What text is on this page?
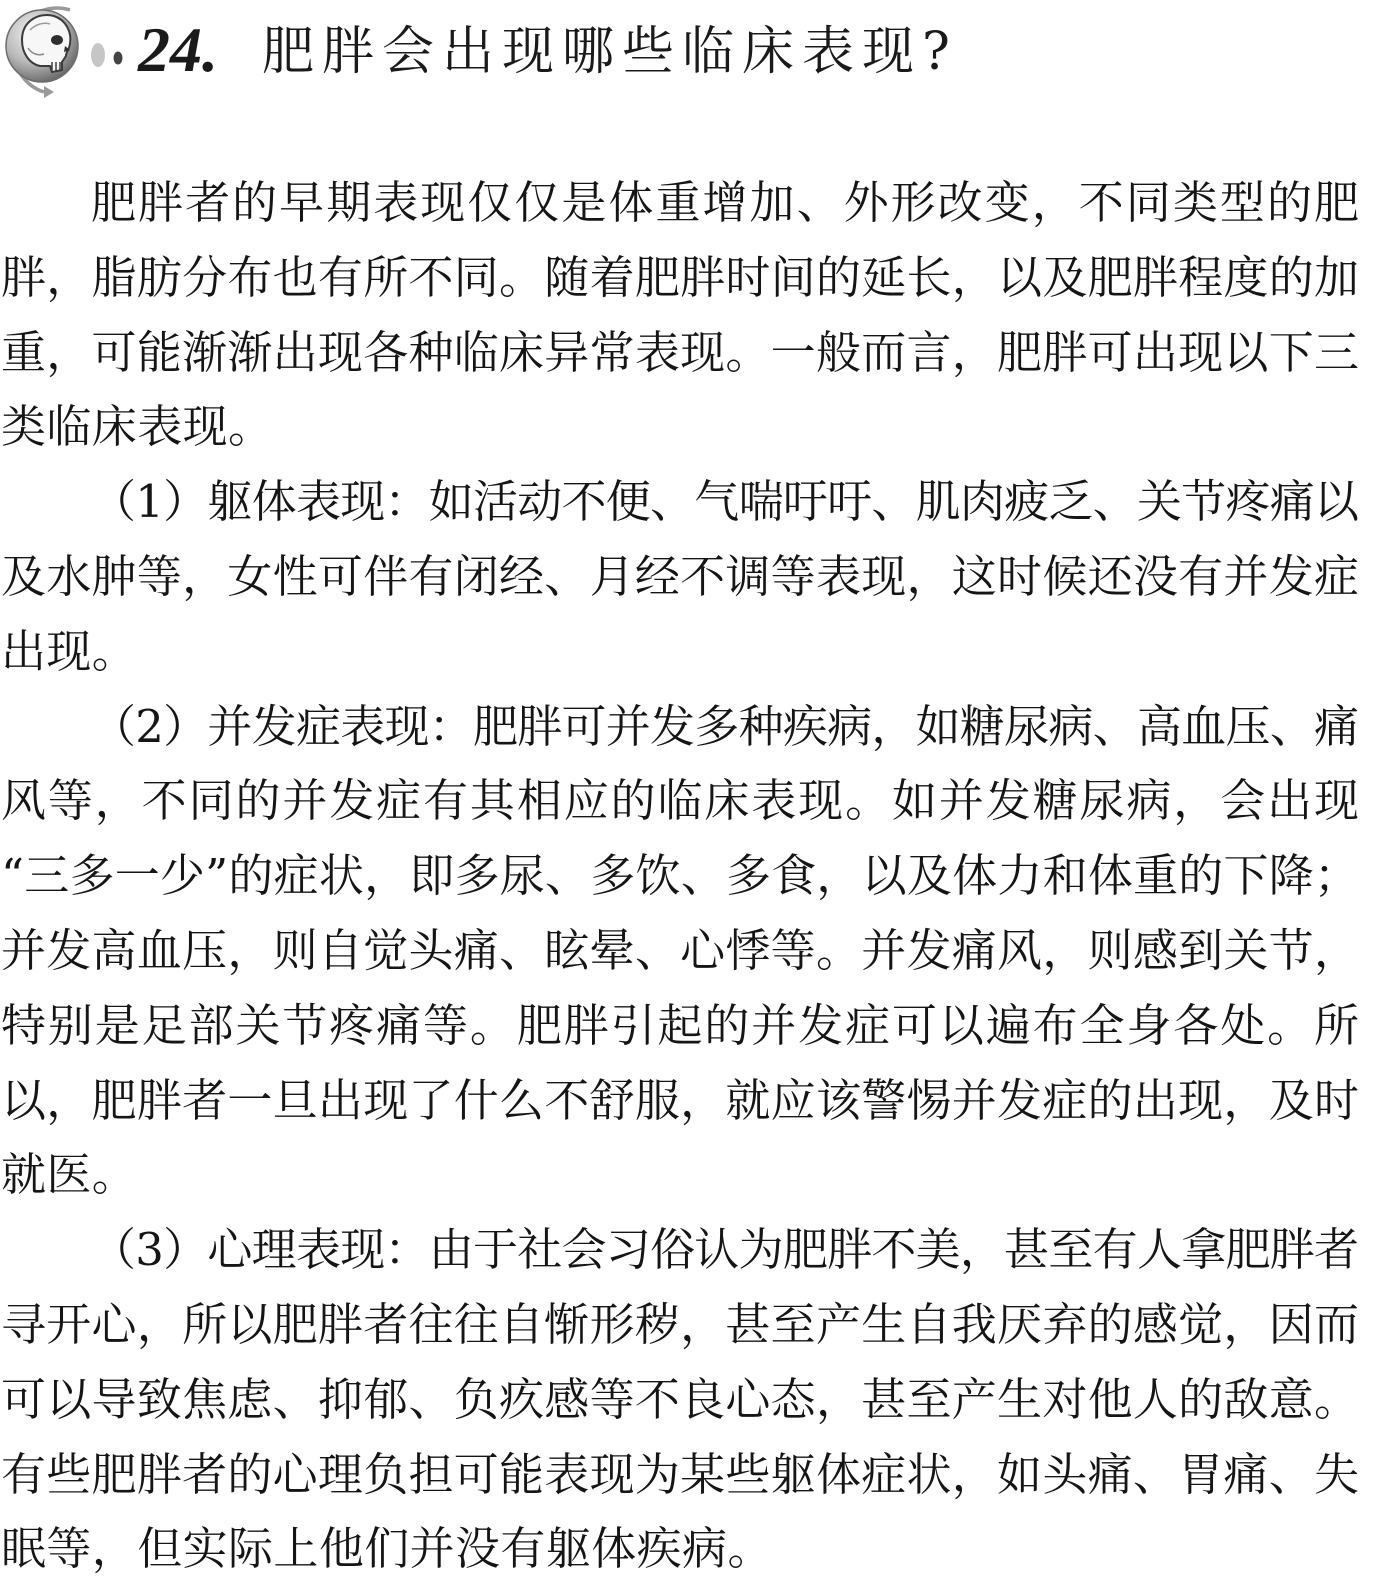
24. 肥胖会出现哪些临床表现?
肥胖者的早期表现仅仅是体重增加、外形改变，不同类型的肥
胖，脂肪分布也有所不同。随着肥胖时间的延长，以及肥胖程度的加
重，可能渐渐出现各种临床异常表现。一般而言，肥胖可出现以下三
类临床表现。
（1）躯体表现：如活动不便、气喘吁吁、肌肉疲乏、关节疼痛以
及水肿等，女性可伴有闭经、月经不调等表现，这时候还没有并发症
出现。
（2）并发症表现：肥胖可并发多种疾病，如糖尿病、高血压、痛
风等，不同的并发症有其相应的临床表现。如并发糖尿病，会出现
“三多一少”的症状，即多尿、多饮、多食，以及体力和体重的下降；
并发高血压，则自觉头痛、眩晕、心悸等。并发痛风，则感到关节，
特别是足部关节疼痛等。肥胖引起的并发症可以遍布全身各处。所
以，肥胖者一旦出现了什么不舒服，就应该警惕并发症的出现，及时
就医。
（3）心理表现：由于社会习俗认为肥胖不美，甚至有人拿肥胖者
寻开心，所以肥胖者往往自惭形秽，甚至产生自我厌弃的感觉，因而
可以导致焦虑、抑郁、负疚感等不良心态，甚至产生对他人的敌意。
有些肥胖者的心理负担可能表现为某些躯体症状，如头痛、胃痛、失
眠等，但实际上他们并没有躯体疾病。
